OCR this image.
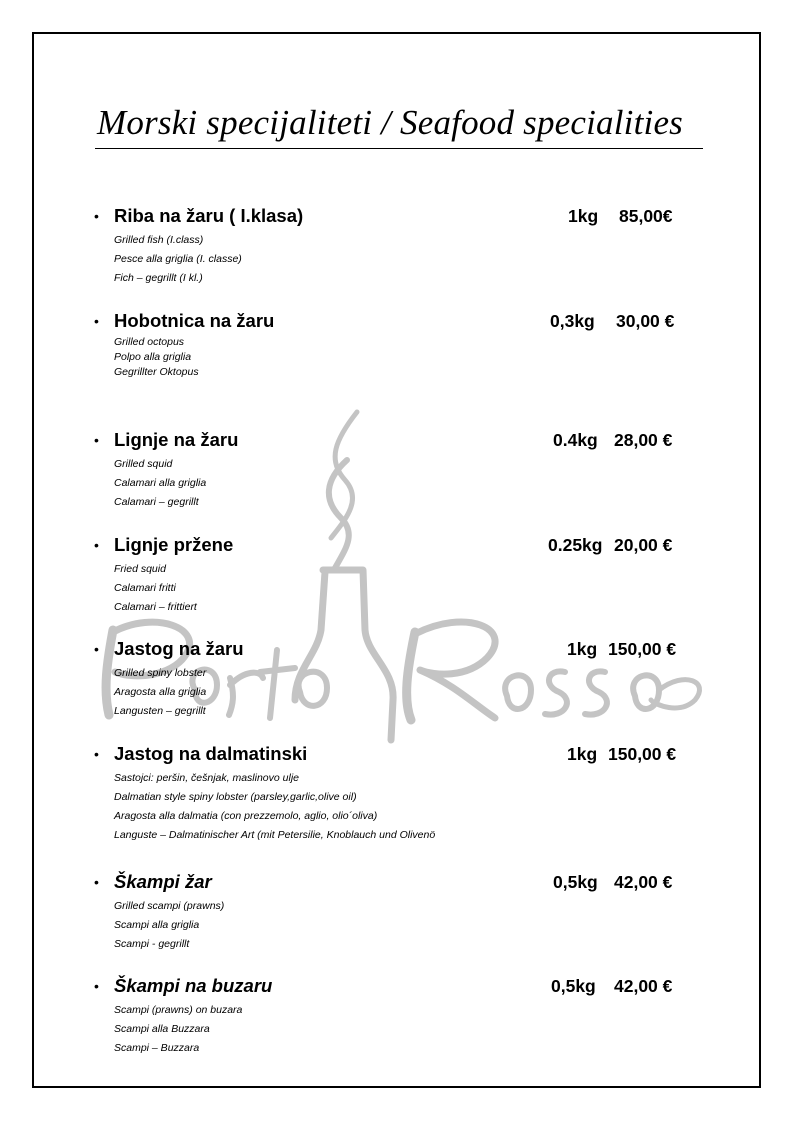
Morski specijaliteti / Seafood specialities
• Riba na žaru ( I.klasa)	1kg 85,00€
Grilled fish (I.class)
Pesce alla griglia (I. classe)
Fich – gegrillt (I kl.)
• Hobotnica na žaru	0,3kg 30,00 €
Grilled octopus
Polpo alla griglia
Gegrillter Oktopus
• Lignje na žaru	0.4kg 28,00 €
Grilled squid
Calamari alla griglia
Calamari – gegrillt
• Lignje pržene	0.25kg 20,00 €
Fried squid
Calamari fritti
Calamari – frittiert
• Jastog na žaru	1kg 150,00 €
Grilled spiny lobster
Aragosta alla griglia
Langusten – gegrillt
• Jastog na dalmatinski	1kg 150,00 €
Sastojci: peršin, češnjak, maslinovo ulje
Dalmatian style spiny lobster (parsley,garlic,olive oil)
Aragosta alla dalmatia (con prezzemolo, aglio, olio´oliva)
Languste – Dalmatinischer Art (mit Petersilie, Knoblauch und Olivenö
• Škampi žar	0,5kg 42,00 €
Grilled scampi (prawns)
Scampi alla griglia
Scampi - gegrillt
• Škampi na buzaru	0,5kg 42,00 €
Scampi (prawns) on buzara
Scampi alla Buzzara
Scampi – Buzzara
